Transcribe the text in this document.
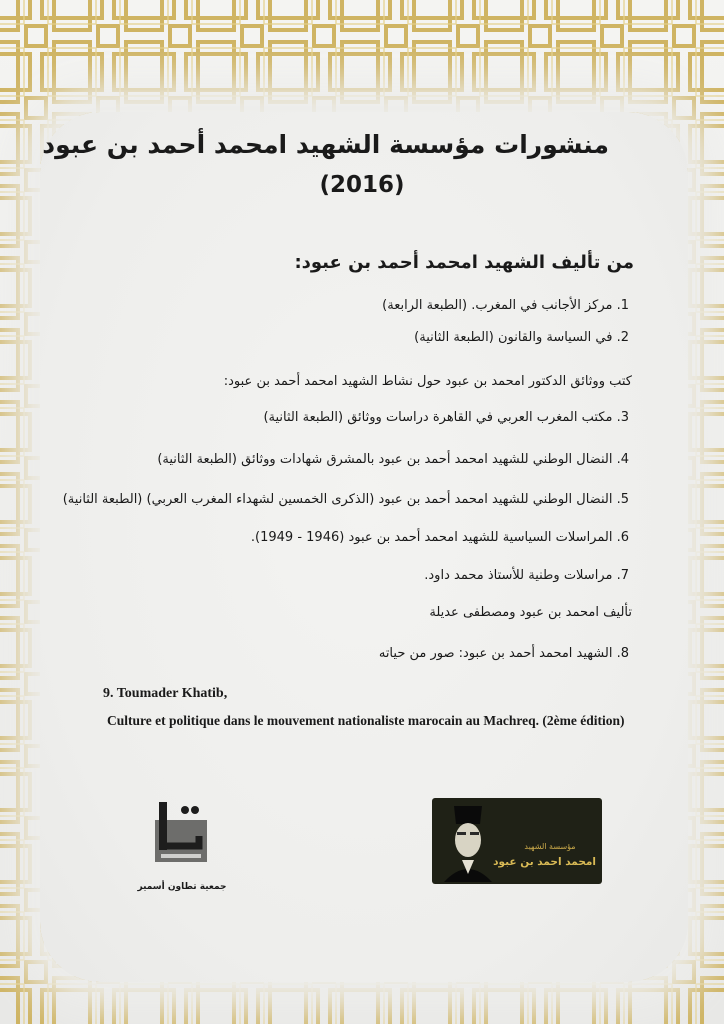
منشورات مؤسسة الشهيد امحمد أحمد بن عبود
(2016)
من تأليف الشهيد امحمد أحمد بن عبود:
1. مركز الأجانب في المغرب. (الطبعة الرابعة)
2. في السياسة والقانون (الطبعة الثانية)
كتب ووثائق الدكتور امحمد بن عبود حول نشاط الشهيد امحمد أحمد بن عبود:
3. مكتب المغرب العربي في القاهرة دراسات ووثائق (الطبعة الثانية)
4. النضال الوطني للشهيد امحمد أحمد بن عبود بالمشرق شهادات ووثائق (الطبعة الثانية)
5. النضال الوطني للشهيد امحمد أحمد بن عبود (الذكرى الخمسين لشهداء المغرب العربي) (الطبعة الثانية)
6. المراسلات السياسية للشهيد امحمد أحمد بن عبود (1946 - 1949).
7. مراسلات وطنية للأستاذ محمد داود.
تأليف امحمد بن عبود ومصطفى عديلة
8. الشهيد امحمد أحمد بن عبود: صور من حياته
9. Toumader Khatib,
Culture et politique dans le mouvement nationaliste marocain au Machreq. (2ème édition)
جمعية تطاون أسمير
مؤسسة الشهيد
امحمد احمد بن عبود
